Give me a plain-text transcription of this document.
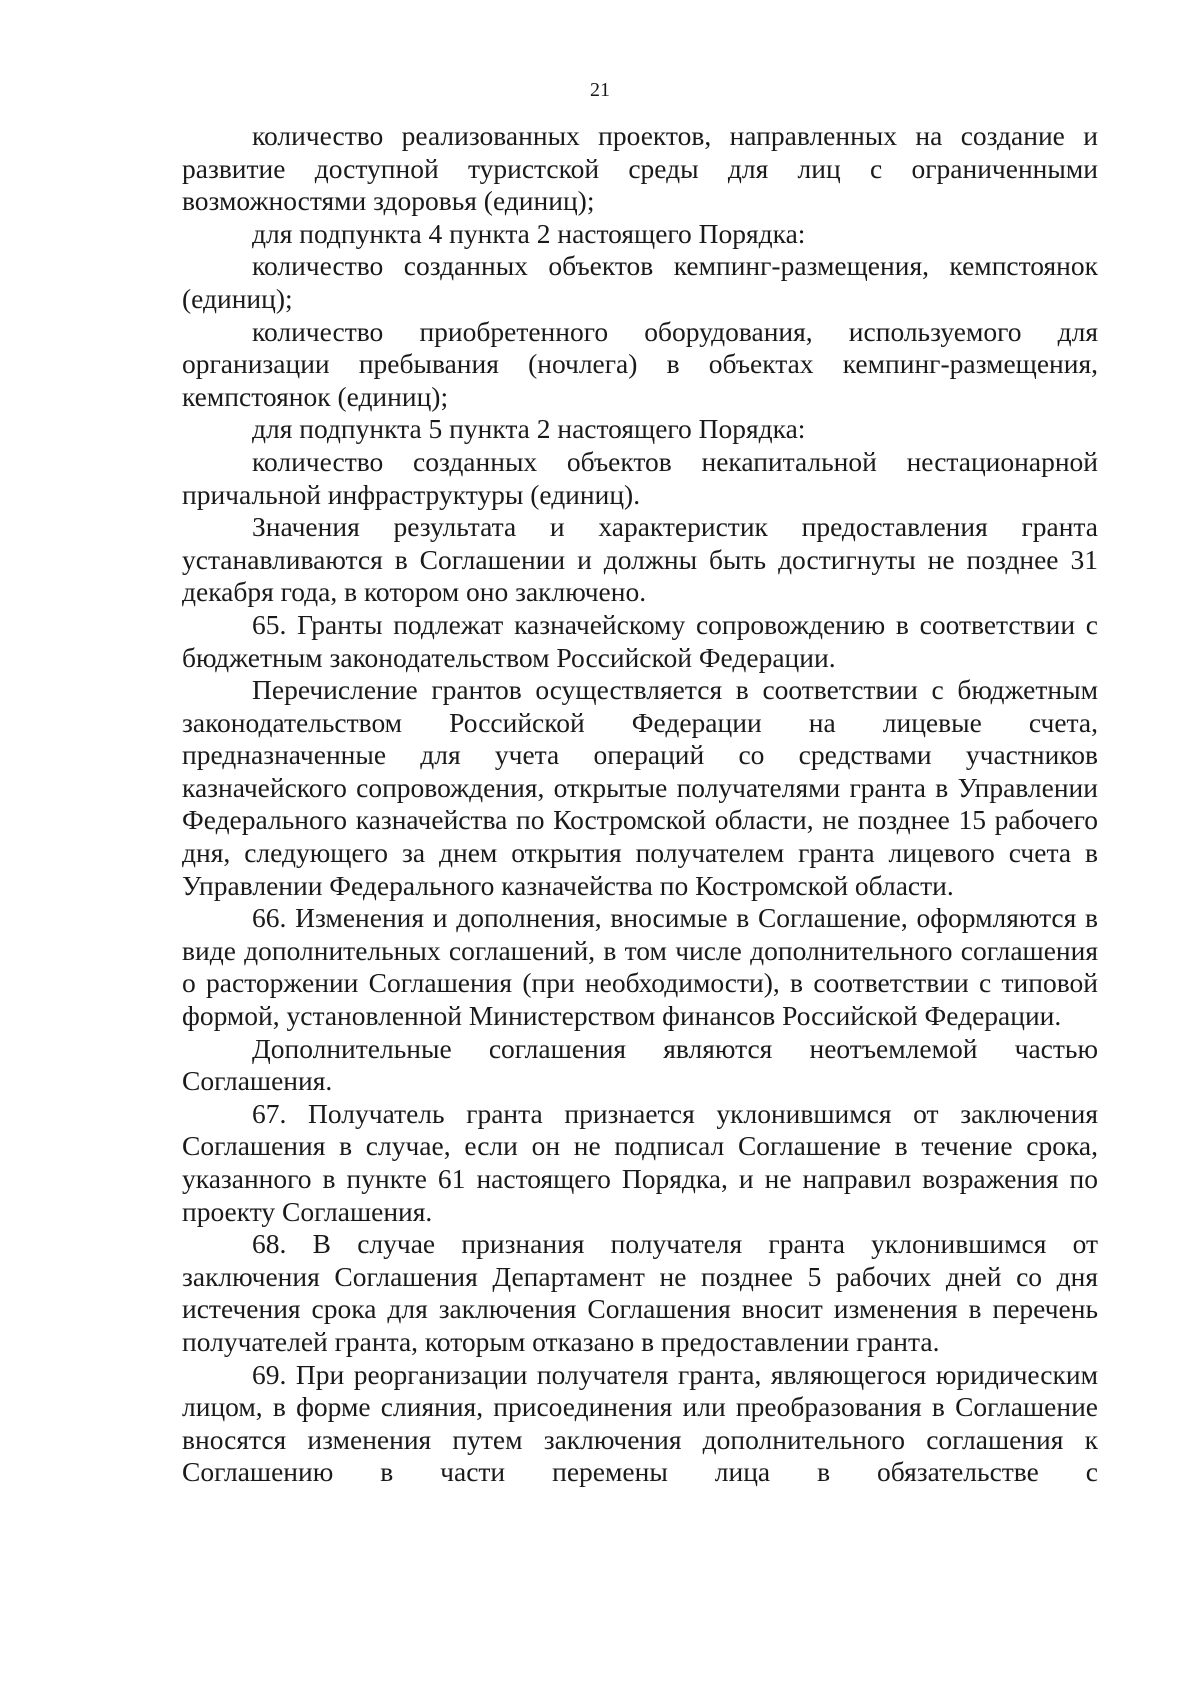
21

количество реализованных проектов, направленных на создание и развитие доступной туристской среды для лиц с ограниченными возможностями здоровья (единиц);

для подпункта 4 пункта 2 настоящего Порядка:

количество созданных объектов кемпинг-размещения, кемпстоянок (единиц);

количество приобретенного оборудования, используемого для организации пребывания (ночлега) в объектах кемпинг-размещения, кемпстоянок (единиц);

для подпункта 5 пункта 2 настоящего Порядка:

количество созданных объектов некапитальной нестационарной причальной инфраструктуры (единиц).

Значения результата и характеристик предоставления гранта устанавливаются в Соглашении и должны быть достигнуты не позднее 31 декабря года, в котором оно заключено.

65. Гранты подлежат казначейскому сопровождению в соответствии с бюджетным законодательством Российской Федерации.

Перечисление грантов осуществляется в соответствии с бюджетным законодательством Российской Федерации на лицевые счета, предназначенные для учета операций со средствами участников казначейского сопровождения, открытые получателями гранта в Управлении Федерального казначейства по Костромской области, не позднее 15 рабочего дня, следующего за днем открытия получателем гранта лицевого счета в Управлении Федерального казначейства по Костромской области.

66. Изменения и дополнения, вносимые в Соглашение, оформляются в виде дополнительных соглашений, в том числе дополнительного соглашения о расторжении Соглашения (при необходимости), в соответствии с типовой формой, установленной Министерством финансов Российской Федерации.

Дополнительные соглашения являются неотъемлемой частью Соглашения.

67. Получатель гранта признается уклонившимся от заключения Соглашения в случае, если он не подписал Соглашение в течение срока, указанного в пункте 61 настоящего Порядка, и не направил возражения по проекту Соглашения.

68. В случае признания получателя гранта уклонившимся от заключения Соглашения Департамент не позднее 5 рабочих дней со дня истечения срока для заключения Соглашения вносит изменения в перечень получателей гранта, которым отказано в предоставлении гранта.

69. При реорганизации получателя гранта, являющегося юридическим лицом, в форме слияния, присоединения или преобразования в Соглашение вносятся изменения путем заключения дополнительного соглашения к Соглашению в части перемены лица в обязательстве с
